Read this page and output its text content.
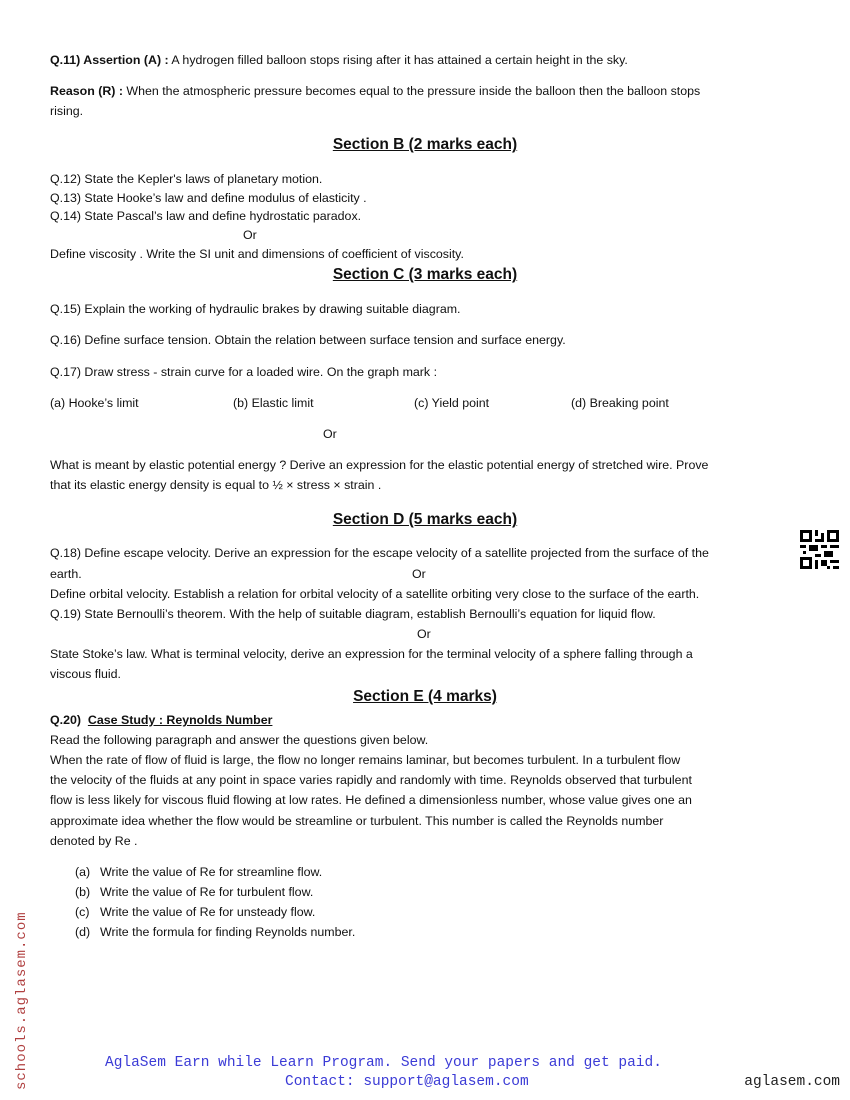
Q.11) Assertion (A) : A hydrogen filled balloon stops rising after it has attained a certain height in the sky.
Reason (R) : When the atmospheric pressure becomes equal to the pressure inside the balloon then the balloon stops
rising.
Section B (2 marks each)
Q.12) State the Kepler's laws of planetary motion.
Q.13) State Hooke’s law and define modulus of elasticity .
Q.14) State Pascal’s law and define hydrostatic paradox.
Or
Define viscosity . Write the SI unit and dimensions of coefficient of viscosity.
Section C (3 marks each)
Q.15) Explain the working of hydraulic brakes by drawing suitable diagram.
Q.16) Define surface tension. Obtain the relation between surface tension and surface energy.
Q.17) Draw stress - strain curve for a loaded wire. On the graph mark :
(a) Hooke’s limit	(b) Elastic limit	(c) Yield point	(d) Breaking point
Or
What is meant by elastic potential energy ? Derive an expression for the elastic potential energy of stretched wire. Prove
that its elastic energy density is equal to ½ × stress × strain .
Section D (5 marks each)
Q.18) Define escape velocity. Derive an expression for the escape velocity of a satellite projected from the surface of the
earth.	Or
Define orbital velocity. Establish a relation for orbital velocity of a satellite orbiting very close to the surface of the earth.
Q.19) State Bernoulli’s theorem. With the help of suitable diagram, establish Bernoulli’s equation for liquid flow.
Or
State Stoke’s law. What is terminal velocity, derive an expression for the terminal velocity of a sphere falling through a
viscous fluid.
Section E (4 marks)
Q.20) Case Study : Reynolds Number
Read the following paragraph and answer the questions given below.
When the rate of flow of fluid is large, the flow no longer remains laminar, but becomes turbulent. In a turbulent flow
the velocity of the fluids at any point in space varies rapidly and randomly with time. Reynolds observed that turbulent
flow is less likely for viscous fluid flowing at low rates. He defined a dimensionless number, whose value gives one an
approximate idea whether the flow would be streamline or turbulent. This number is called the Reynolds number
denoted by Re .
(a) Write the value of Re for streamline flow.
(b) Write the value of Re for turbulent flow.
(c) Write the value of Re for unsteady flow.
(d) Write the formula for finding Reynolds number.
schools.aglasem.com	AglaSem Earn while Learn Program. Send your papers and get paid.
Contact: support@aglasem.com	aglasem.com
